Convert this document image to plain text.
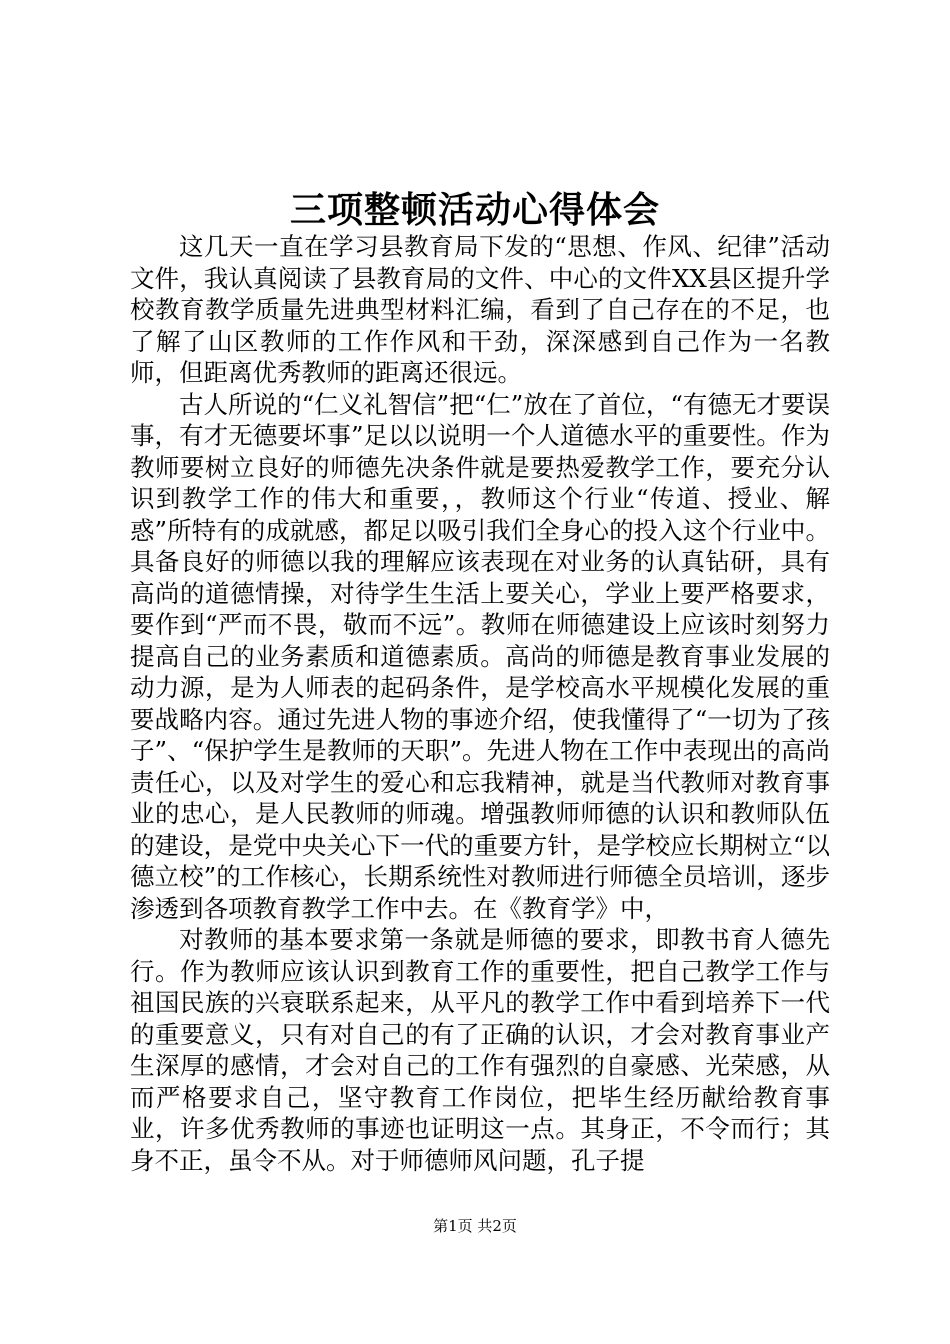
三项整顿活动心得体会

这几天一直在学习县教育局下发的“思想、作风、纪律”活动文件，我认真阅读了县教育局的文件、中心的文件XX县区提升学校教育教学质量先进典型材料汇编，看到了自己存在的不足，也了解了山区教师的工作作风和干劲，深深感到自己作为一名教师，但距离优秀教师的距离还很远。

古人所说的“仁义礼智信”把“仁”放在了首位，“有德无才要误事，有才无德要坏事”足以以说明一个人道德水平的重要性。作为教师要树立良好的师德先决条件就是要热爱教学工作，要充分认识到教学工作的伟大和重要，，教师这个行业“传道、授业、解惑”所特有的成就感，都足以吸引我们全身心的投入这个行业中。具备良好的师德以我的理解应该表现在对业务的认真钻研，具有高尚的道德情操，对待学生生活上要关心，学业上要严格要求，要作到“严而不畏，敬而不远”。教师在师德建设上应该时刻努力提高自己的业务素质和道德素质。高尚的师德是教育事业发展的动力源，是为人师表的起码条件，是学校高水平规模化发展的重要战略内容。通过先进人物的事迹介绍，使我懂得了“一切为了孩子”、“保护学生是教师的天职”。先进人物在工作中表现出的高尚责任心，以及对学生的爱心和忘我精神，就是当代教师对教育事业的忠心，是人民教师的师魂。增强教师师德的认识和教师队伍的建设，是党中央关心下一代的重要方针，是学校应长期树立“以德立校”的工作核心，长期系统性对教师进行师德全员培训，逐步渗透到各项教育教学工作中去。在《教育学》中，

对教师的基本要求第一条就是师德的要求，即教书育人德先行。作为教师应该认识到教育工作的重要性，把自己教学工作与祖国民族的兴衰联系起来，从平凡的教学工作中看到培养下一代的重要意义，只有对自己的有了正确的认识，才会对教育事业产生深厚的感情，才会对自己的工作有强烈的自豪感、光荣感，从而严格要求自己，坚守教育工作岗位，把毕生经历献给教育事业，许多优秀教师的事迹也证明这一点。其身正，不令而行；其身不正，虽令不从。对于师德师风问题，孔子提

第1页 共2页
